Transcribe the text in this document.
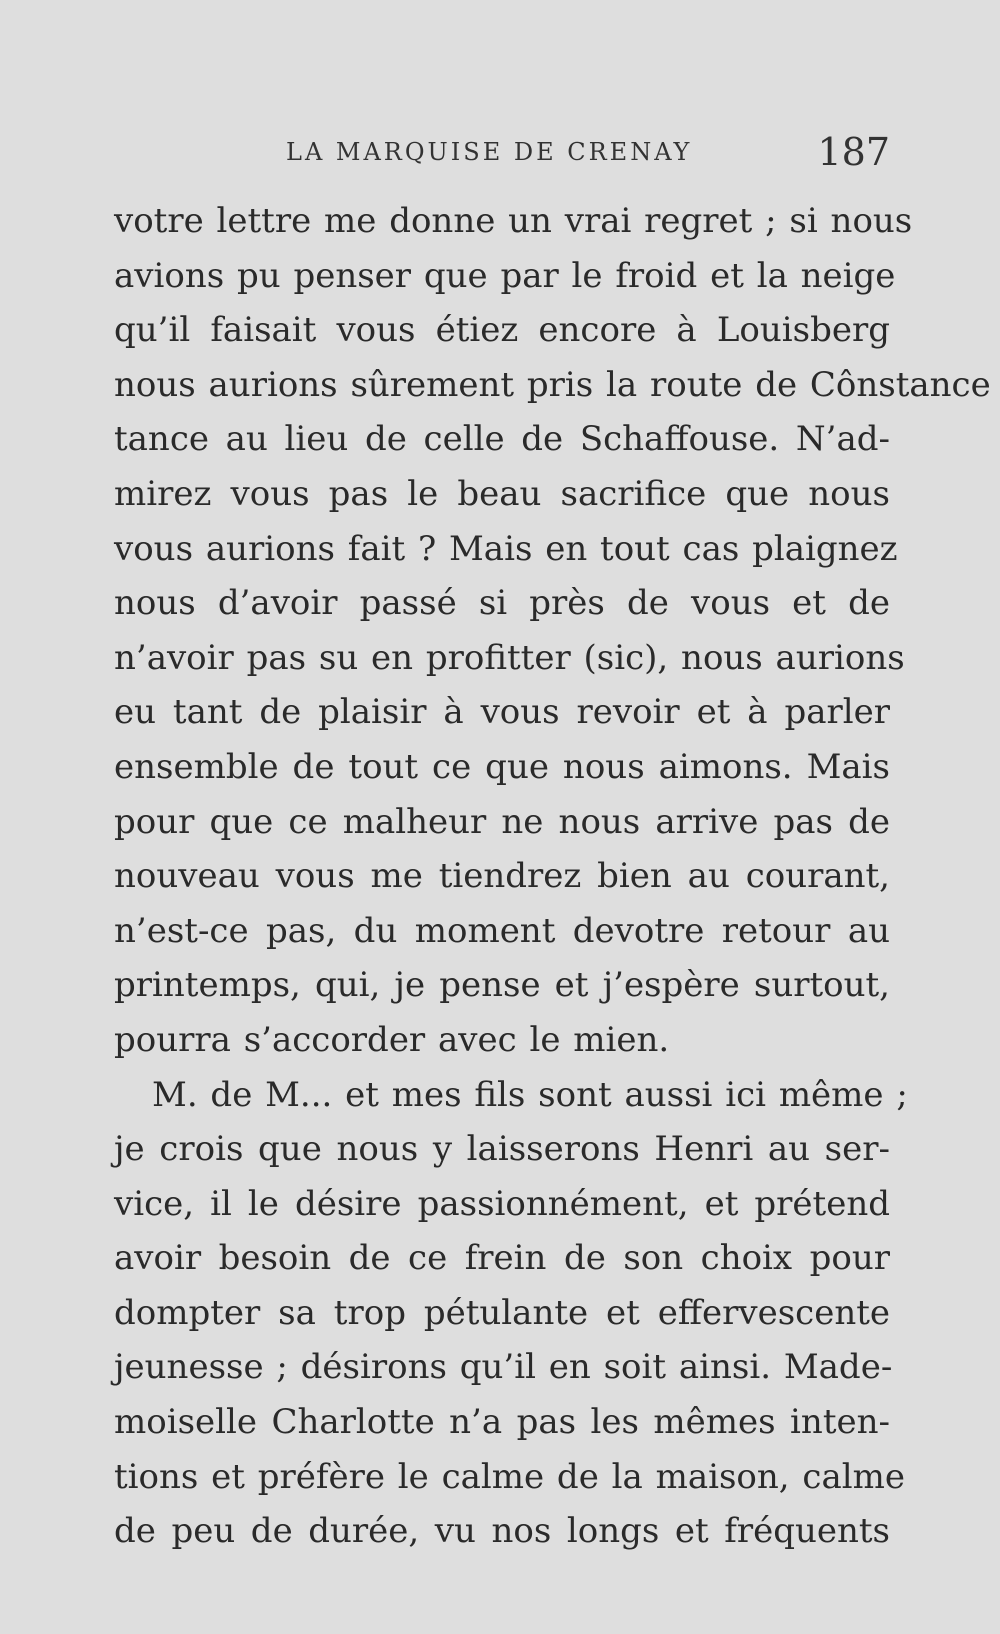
LA MARQUISE DE CRENAY	187
votre lettre me donne un vrai regret ; si nous
avions pu penser que par le froid et la neige
qu’il faisait vous étiez encore à Louisberg
nous aurions sûrement pris la route de Cônstance
tance au lieu de celle de Schaffouse. N’ad-
mirez vous pas le beau sacrifice que nous
vous aurions fait ? Mais en tout cas plaignez
nous d’avoir passé si près de vous et de
n’avoir pas su en profitter (sic), nous aurions
eu tant de plaisir à vous revoir et à parler
ensemble de tout ce que nous aimons. Mais
pour que ce malheur ne nous arrive pas de
nouveau vous me tiendrez bien au courant,
n’est-ce pas, du moment devotre retour au
printemps, qui, je pense et j’espère surtout,
pourra s’accorder avec le mien.
M. de M... et mes fils sont aussi ici même ;
je crois que nous y laisserons Henri au ser-
vice, il le désire passionnément, et prétend
avoir besoin de ce frein de son choix pour
dompter sa trop pétulante et effervescente
jeunesse ; désirons qu’il en soit ainsi. Made-
moiselle Charlotte n’a pas les mêmes inten-
tions et préfère le calme de la maison, calme
de peu de durée, vu nos longs et fréquents
